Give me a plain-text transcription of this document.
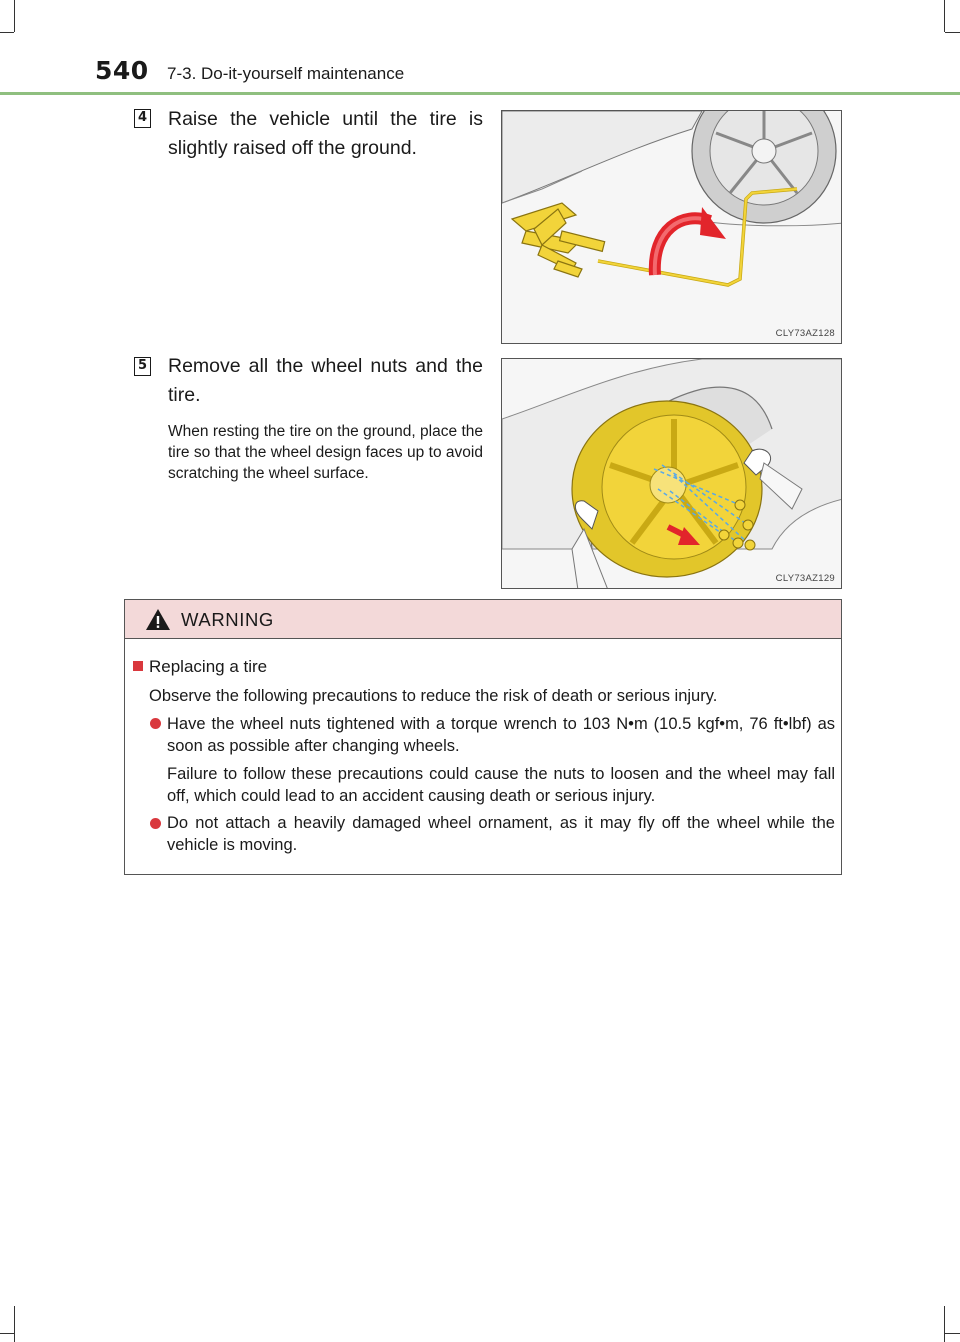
540 7-3. Do-it-yourself maintenance
4 Raise the vehicle until the tire is slightly raised off the ground.
CLY73AZ128
5 Remove all the wheel nuts and the tire.
When resting the tire on the ground, place the tire so that the wheel design faces up to avoid scratching the wheel surface.
CLY73AZ129
WARNING
Replacing a tire
Observe the following precautions to reduce the risk of death or serious injury.
Have the wheel nuts tightened with a torque wrench to 103 N•m (10.5 kgf•m, 76 ft•lbf) as soon as possible after changing wheels.
Failure to follow these precautions could cause the nuts to loosen and the wheel may fall off, which could lead to an accident causing death or serious injury.
Do not attach a heavily damaged wheel ornament, as it may fly off the wheel while the vehicle is moving.
